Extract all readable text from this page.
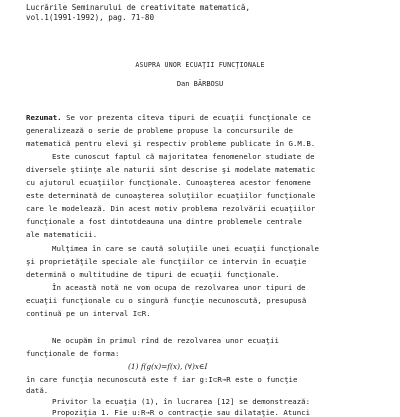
Lucrările Seminarului de creativitate matematică,
vol.1(1991-1992), pag. 71-80
ASUPRA UNOR ECUAŢII FUNCŢIONALE
Dan BĂRBOSU
Rezumat. Se vor prezenta cîteva tipuri de ecuaţii funcţionale ce
generalizează o serie de probleme propuse la concursurile de
matematică pentru elevi şi respectiv probleme publicate în G.M.B.
Este cunoscut faptul că majoritatea fenomenelor studiate de
diversele ştiinţe ale naturii sînt descrise şi modelate matematic
cu ajutorul ecuaţiilor funcţionale. Cunoaşterea acestor fenomene
este determinată de cunoaşterea soluţiilor ecuaţiilor funcţionale
care le modelează. Din acest motiv problema rezolvării ecuaţiilor
funcţionale a fost dintotdeauna una dintre problemele centrale
ale matematicii.
Mulţimea în care se caută soluţiile unei ecuaţii funcţionale
şi proprietăţile speciale ale funcţiilor ce intervin în ecuaţie
determină o multitudine de tipuri de ecuaţii funcţionale.
În această notă ne vom ocupa de rezolvarea unor tipuri de
ecuaţii funcţionale cu o singură funcţie necunoscută, presupusă
continuă pe un interval I⊂R.
Ne ocupăm în primul rînd de rezolvarea unor ecuaţii
funcţionale de forma:
(1) f(g(x)=f(x), (∀)x∈I
în care funcţia necunoscută este f iar g:I⊂R→R este o funcţie
dată.
Privitor la ecuaţia (1), în lucrarea [12] se demonstrează:
Propoziţia 1. Fie u:R→R o contracţie sau dilataţie. Atunci
